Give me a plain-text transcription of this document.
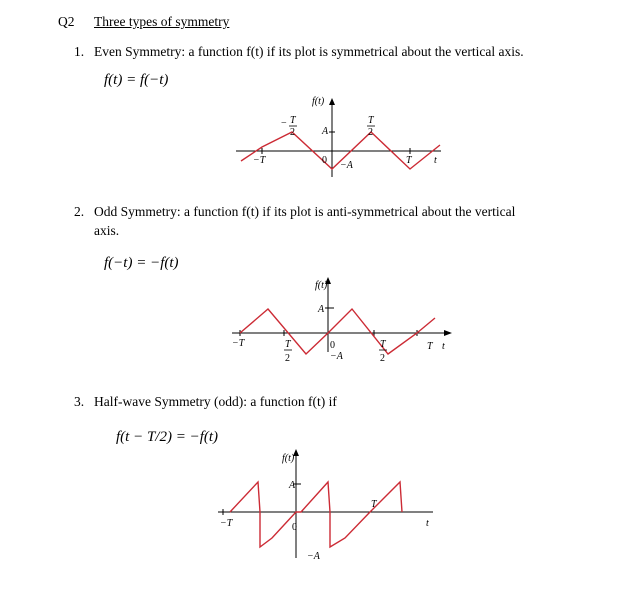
Q2 Three types of symmetry
1. Even Symmetry: a function f(t) if its plot is symmetrical about the vertical axis.
f(t) = f(−t)
f(t)
A
−A
0
−T	T t
− T
2
T
2
2. Odd Symmetry: a function f(t) if its plot is anti-symmetrical about the vertical
axis.
f(−t) = −f(t)
f(t)
A
0
−A
−T	T t
T
2
T
2
3. Half-wave Symmetry (odd): a function f(t) if
f(t − T/2) = −f(t)
f(t)
A
0
−A
−T
T
t
